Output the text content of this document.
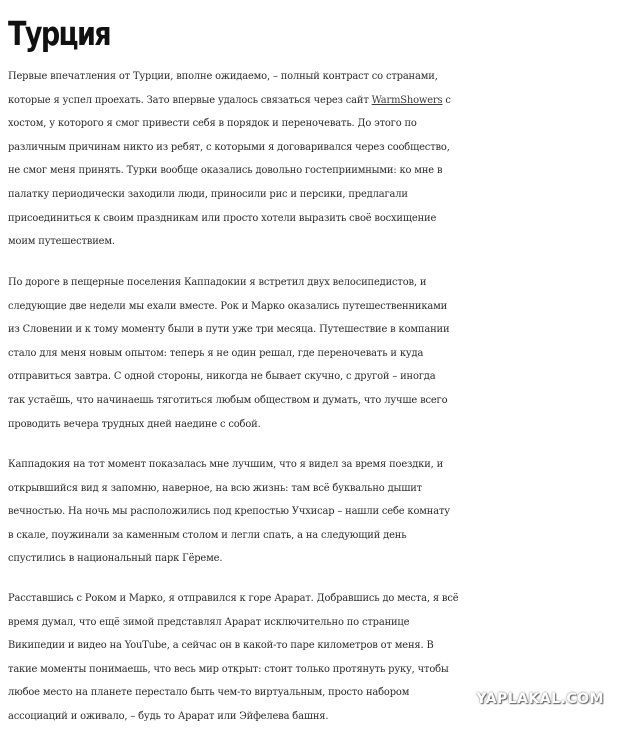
Турция

Первые впечатления от Турции, вполне ожидаемо, – полный контраст со странами,
которые я успел проехать. Зато впервые удалось связаться через сайт WarmShowers с
хостом, у которого я смог привести себя в порядок и переночевать. До этого по
различным причинам никто из ребят, с которыми я договаривался через сообщество,
не смог меня принять. Турки вообще оказались довольно гостеприимными: ко мне в
палатку периодически заходили люди, приносили рис и персики, предлагали
присоединиться к своим праздникам или просто хотели выразить своё восхищение
моим путешествием.

По дороге в пещерные поселения Каппадокии я встретил двух велосипедистов, и
следующие две недели мы ехали вместе. Рок и Марко оказались путешественниками
из Словении и к тому моменту были в пути уже три месяца. Путешествие в компании
стало для меня новым опытом: теперь я не один решал, где переночевать и куда
отправиться завтра. С одной стороны, никогда не бывает скучно, с другой – иногда
так устаёшь, что начинаешь тяготиться любым обществом и думать, что лучше всего
проводить вечера трудных дней наедине с собой.

Каппадокия на тот момент показалась мне лучшим, что я видел за время поездки, и
открывшийся вид я запомню, наверное, на всю жизнь: там всё буквально дышит
вечностью. На ночь мы расположились под крепостью Учхисар – нашли себе комнату
в скале, поужинали за каменным столом и легли спать, а на следующий день
спустились в национальный парк Гёреме.

Расставшись с Роком и Марко, я отправился к горе Арарат. Добравшись до места, я всё
время думал, что ещё зимой представлял Арарат исключительно по странице
Википедии и видео на YouTube, а сейчас он в какой-то паре километров от меня. В
такие моменты понимаешь, что весь мир открыт: стоит только протянуть руку, чтобы
любое место на планете перестало быть чем-то виртуальным, просто набором
ассоциаций и оживало, – будь то Арарат или Эйфелева башня.

YAPLAKAL.COM
